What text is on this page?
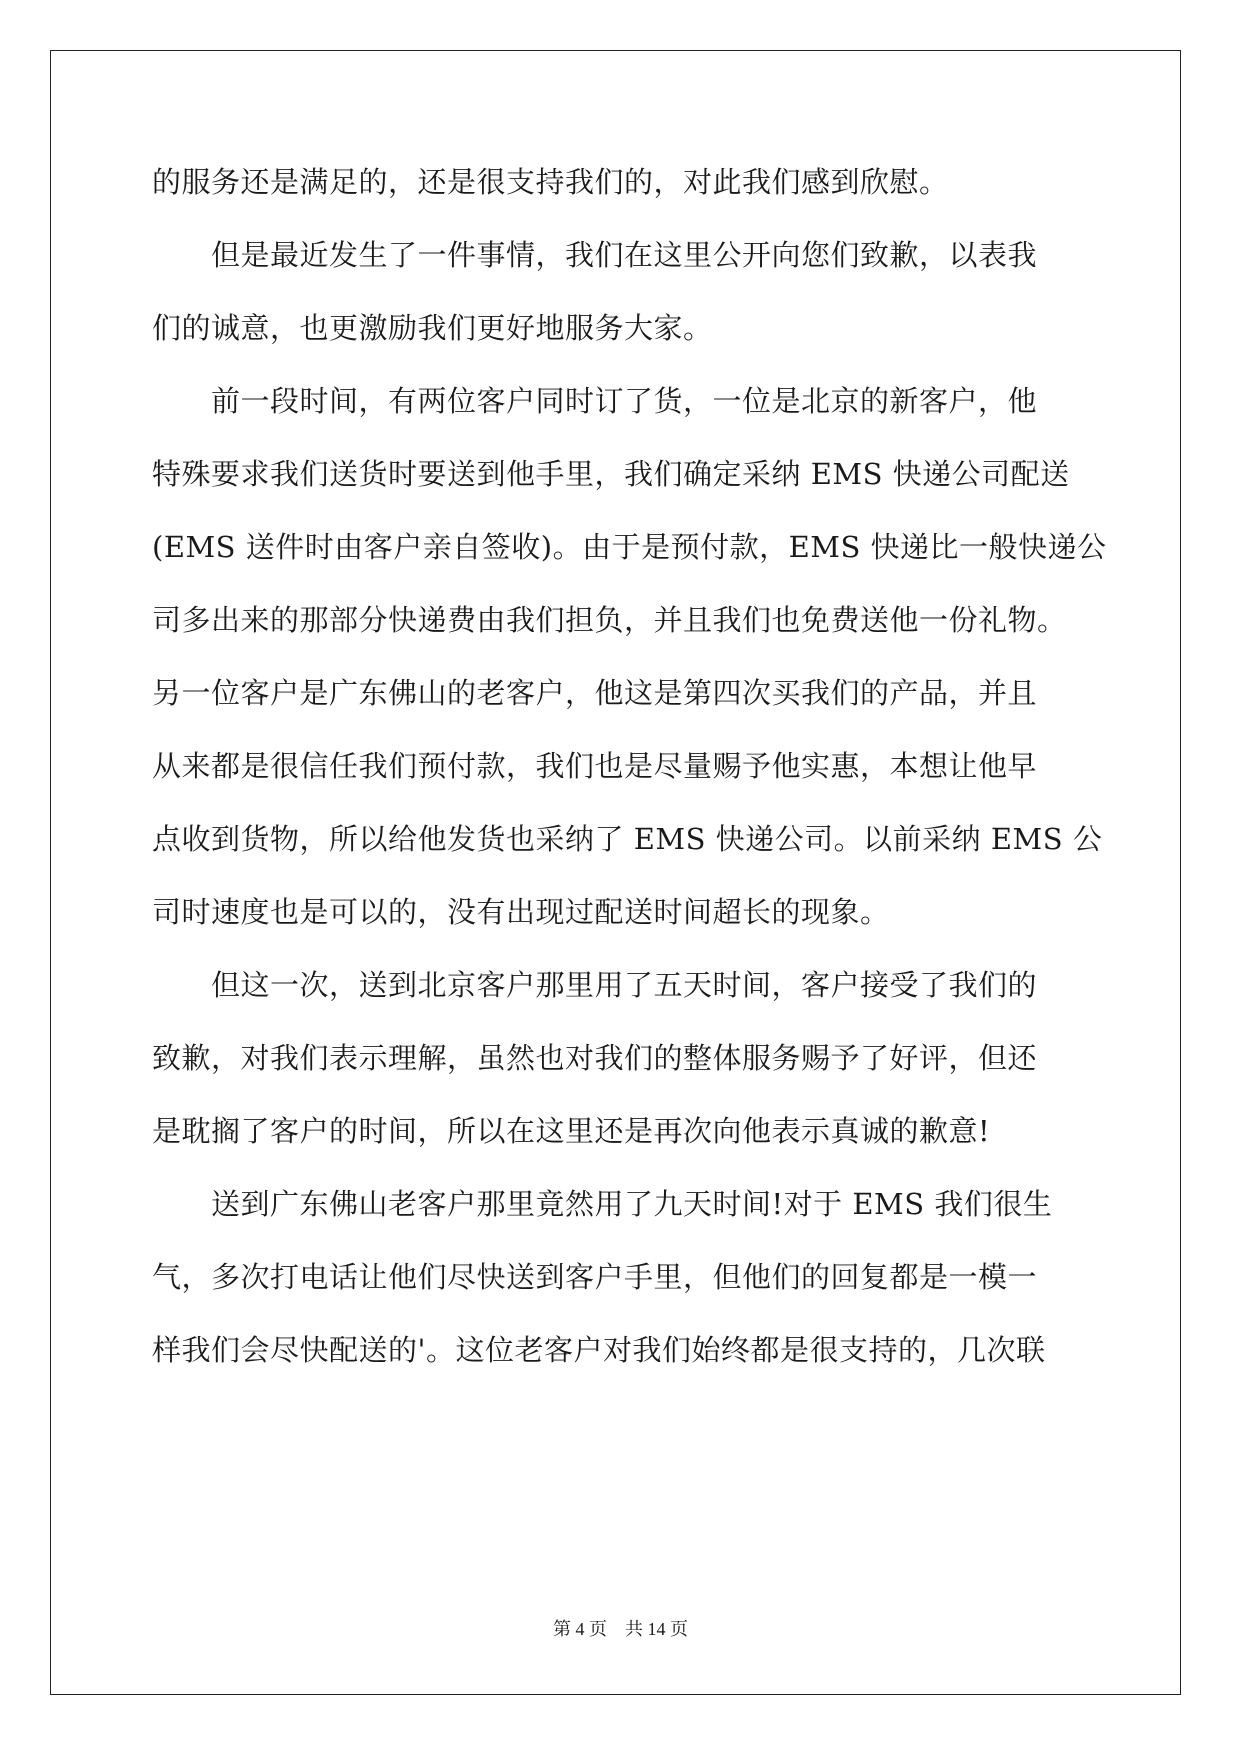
的服务还是满足的，还是很支持我们的，对此我们感到欣慰。
　　但是最近发生了一件事情，我们在这里公开向您们致歉，以表我
们的诚意，也更激励我们更好地服务大家。
　　前一段时间，有两位客户同时订了货，一位是北京的新客户，他
特殊要求我们送货时要送到他手里，我们确定采纳 EMS 快递公司配送
(EMS 送件时由客户亲自签收)。由于是预付款，EMS 快递比一般快递公
司多出来的那部分快递费由我们担负，并且我们也免费送他一份礼物。
另一位客户是广东佛山的老客户，他这是第四次买我们的产品，并且
从来都是很信任我们预付款，我们也是尽量赐予他实惠，本想让他早
点收到货物，所以给他发货也采纳了 EMS 快递公司。以前采纳 EMS 公
司时速度也是可以的，没有出现过配送时间超长的现象。
　　但这一次，送到北京客户那里用了五天时间，客户接受了我们的
致歉，对我们表示理解，虽然也对我们的整体服务赐予了好评，但还
是耽搁了客户的时间，所以在这里还是再次向他表示真诚的歉意!
　　送到广东佛山老客户那里竟然用了九天时间!对于 EMS 我们很生
气，多次打电话让他们尽快送到客户手里，但他们的回复都是一模一
样我们会尽快配送的'。这位老客户对我们始终都是很支持的，几次联
第 4 页　共 14 页
